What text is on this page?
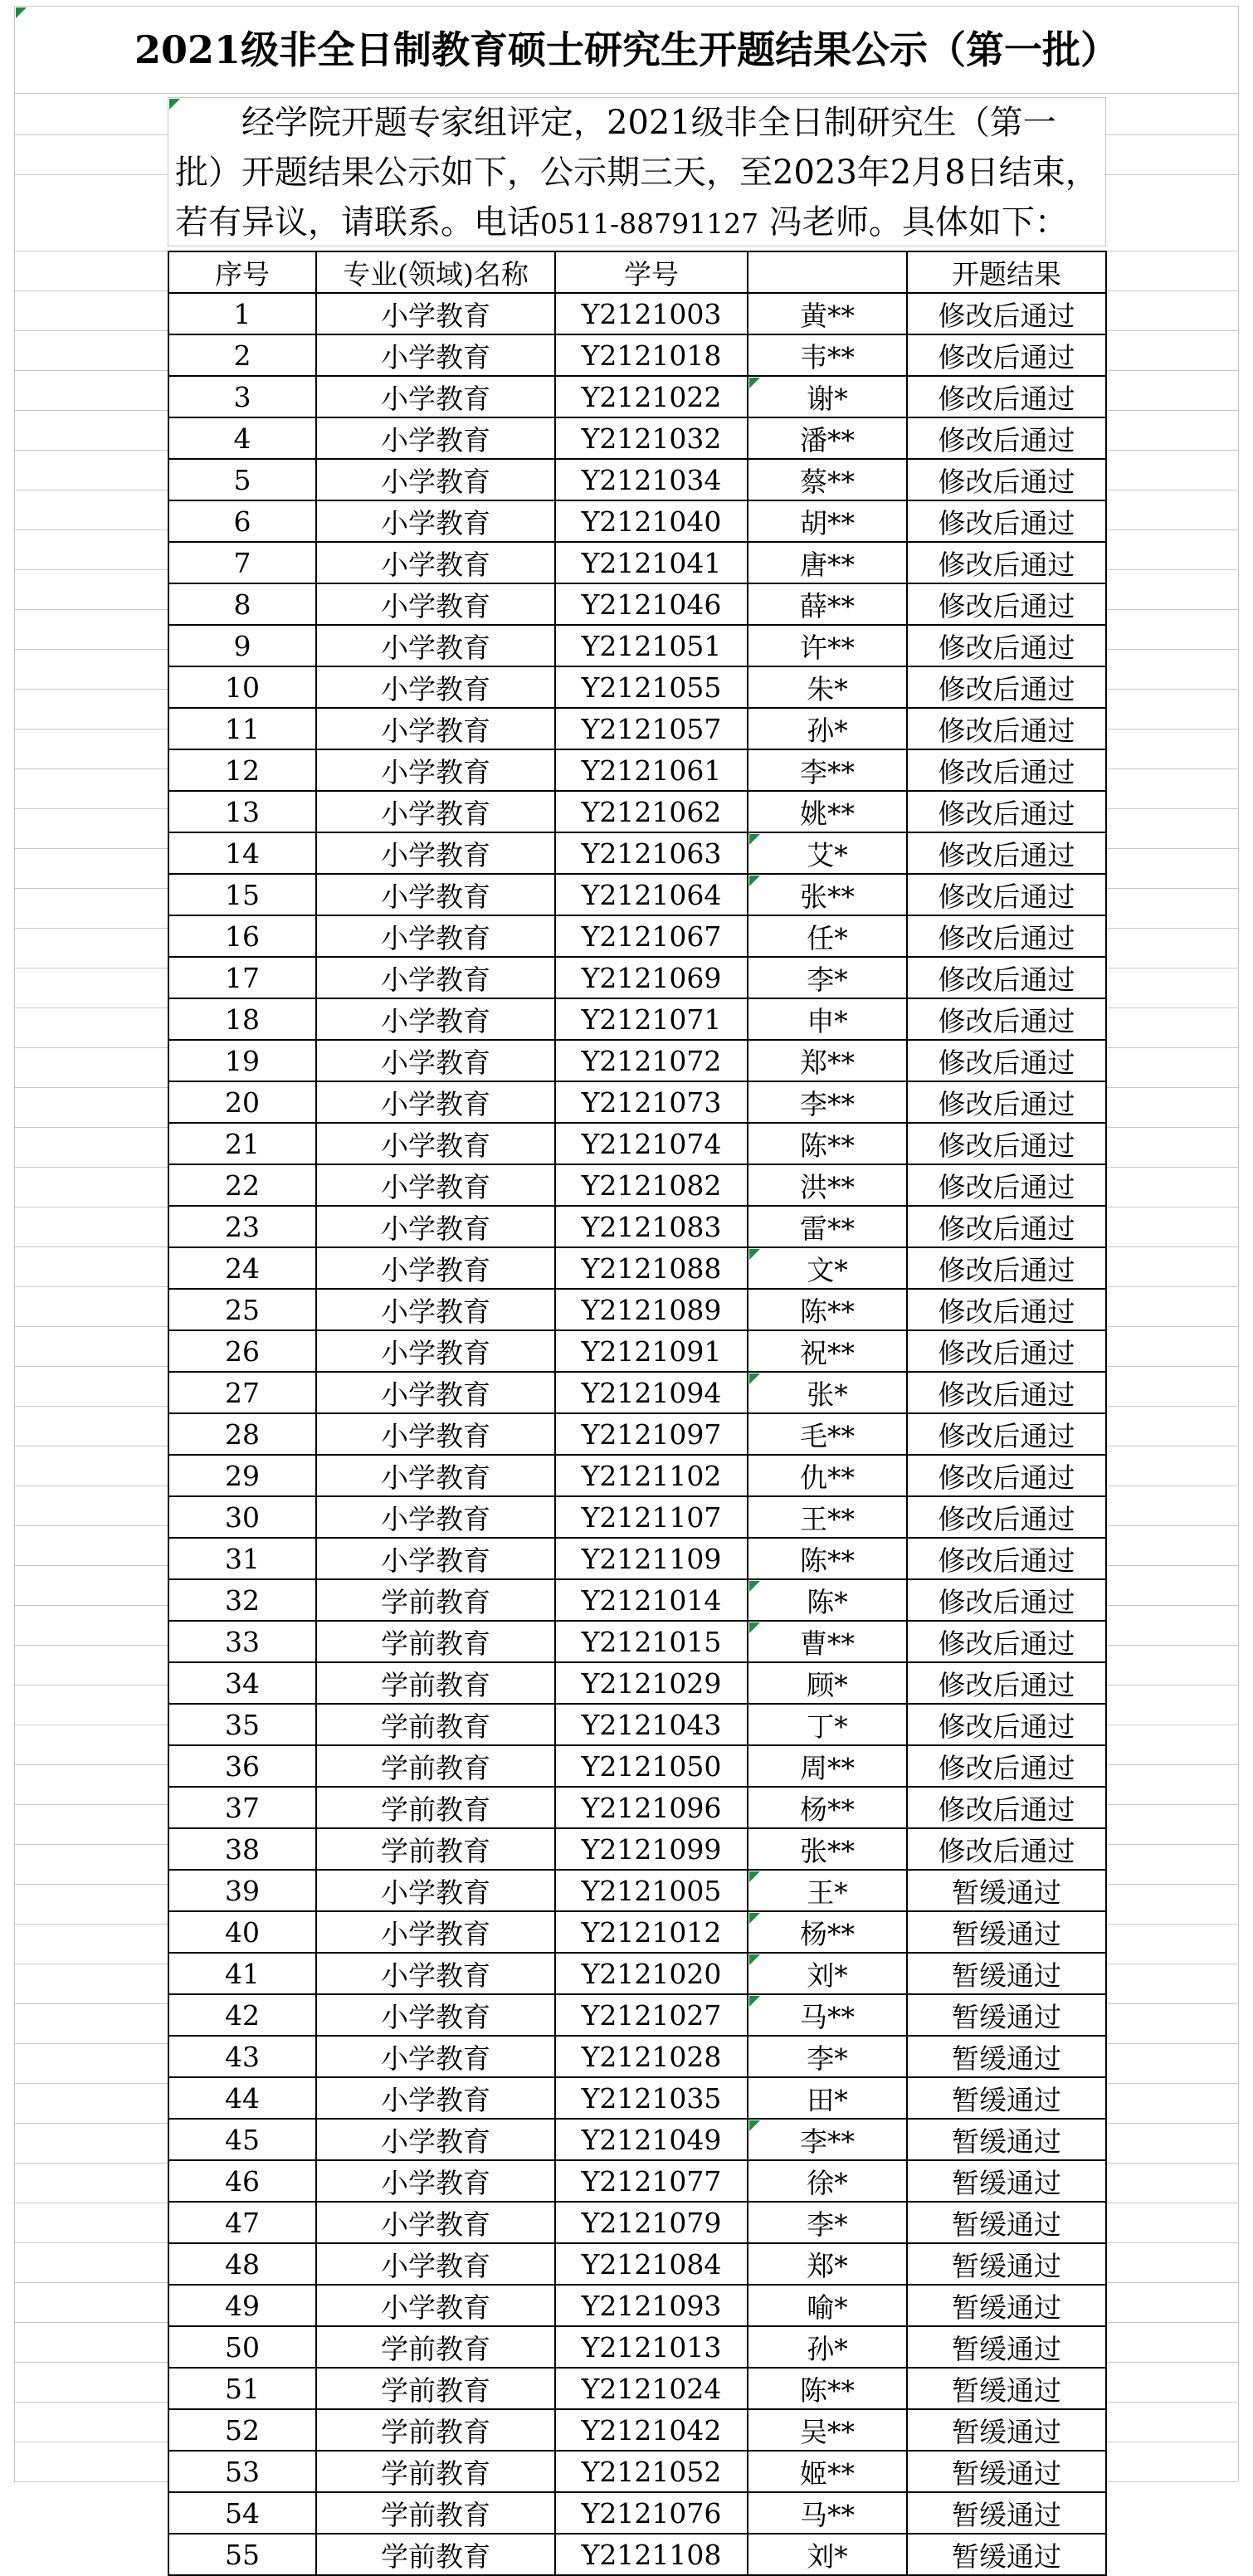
2021级非全日制教育硕士研究生开题结果公示（第一批）

经学院开题专家组评定，2021级非全日制研究生（第一批）开题结果公示如下，公示期三天，至2023年2月8日结束，若有异议，请联系。电话0511-88791127 冯老师。具体如下：

序号	专业(领域)名称	学号		开题结果
1	小学教育	Y2121003	黄**	修改后通过
2	小学教育	Y2121018	韦**	修改后通过
3	小学教育	Y2121022	谢*	修改后通过
4	小学教育	Y2121032	潘**	修改后通过
5	小学教育	Y2121034	蔡**	修改后通过
6	小学教育	Y2121040	胡**	修改后通过
7	小学教育	Y2121041	唐**	修改后通过
8	小学教育	Y2121046	薛**	修改后通过
9	小学教育	Y2121051	许**	修改后通过
10	小学教育	Y2121055	朱*	修改后通过
11	小学教育	Y2121057	孙*	修改后通过
12	小学教育	Y2121061	李**	修改后通过
13	小学教育	Y2121062	姚**	修改后通过
14	小学教育	Y2121063	艾*	修改后通过
15	小学教育	Y2121064	张**	修改后通过
16	小学教育	Y2121067	任*	修改后通过
17	小学教育	Y2121069	李*	修改后通过
18	小学教育	Y2121071	申*	修改后通过
19	小学教育	Y2121072	郑**	修改后通过
20	小学教育	Y2121073	李**	修改后通过
21	小学教育	Y2121074	陈**	修改后通过
22	小学教育	Y2121082	洪**	修改后通过
23	小学教育	Y2121083	雷**	修改后通过
24	小学教育	Y2121088	文*	修改后通过
25	小学教育	Y2121089	陈**	修改后通过
26	小学教育	Y2121091	祝**	修改后通过
27	小学教育	Y2121094	张*	修改后通过
28	小学教育	Y2121097	毛**	修改后通过
29	小学教育	Y2121102	仇**	修改后通过
30	小学教育	Y2121107	王**	修改后通过
31	小学教育	Y2121109	陈**	修改后通过
32	学前教育	Y2121014	陈*	修改后通过
33	学前教育	Y2121015	曹**	修改后通过
34	学前教育	Y2121029	顾*	修改后通过
35	学前教育	Y2121043	丁*	修改后通过
36	学前教育	Y2121050	周**	修改后通过
37	学前教育	Y2121096	杨**	修改后通过
38	学前教育	Y2121099	张**	修改后通过
39	小学教育	Y2121005	王*	暂缓通过
40	小学教育	Y2121012	杨**	暂缓通过
41	小学教育	Y2121020	刘*	暂缓通过
42	小学教育	Y2121027	马**	暂缓通过
43	小学教育	Y2121028	李*	暂缓通过
44	小学教育	Y2121035	田*	暂缓通过
45	小学教育	Y2121049	李**	暂缓通过
46	小学教育	Y2121077	徐*	暂缓通过
47	小学教育	Y2121079	李*	暂缓通过
48	小学教育	Y2121084	郑*	暂缓通过
49	小学教育	Y2121093	喻*	暂缓通过
50	学前教育	Y2121013	孙*	暂缓通过
51	学前教育	Y2121024	陈**	暂缓通过
52	学前教育	Y2121042	吴**	暂缓通过
53	学前教育	Y2121052	姬**	暂缓通过
54	学前教育	Y2121076	马**	暂缓通过
55	学前教育	Y2121108	刘*	暂缓通过
